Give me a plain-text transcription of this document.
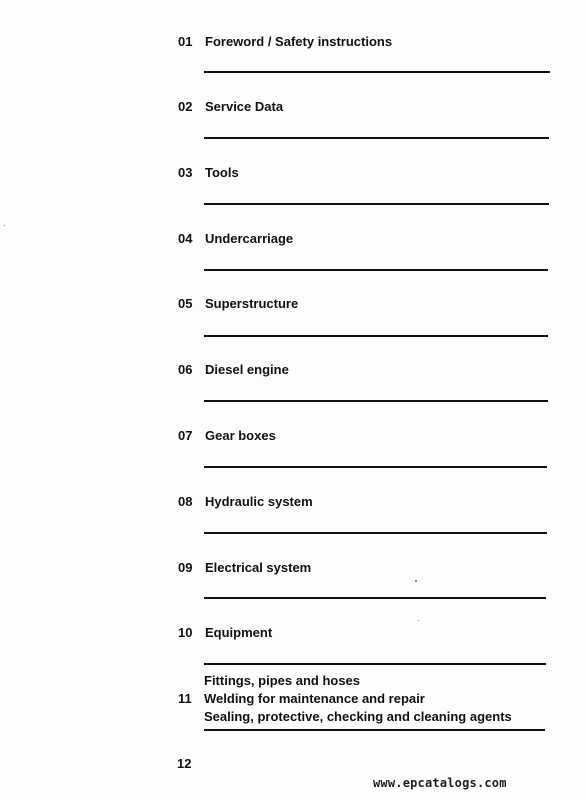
01 Foreword / Safety instructions
02 Service Data
03 Tools
04 Undercarriage
05 Superstructure
06 Diesel engine
07 Gear boxes
08 Hydraulic system
09 Electrical system
10 Equipment
Fittings, pipes and hoses
11 Welding for maintenance and repair
Sealing, protective, checking and cleaning agents
12
www.epcatalogs.com
